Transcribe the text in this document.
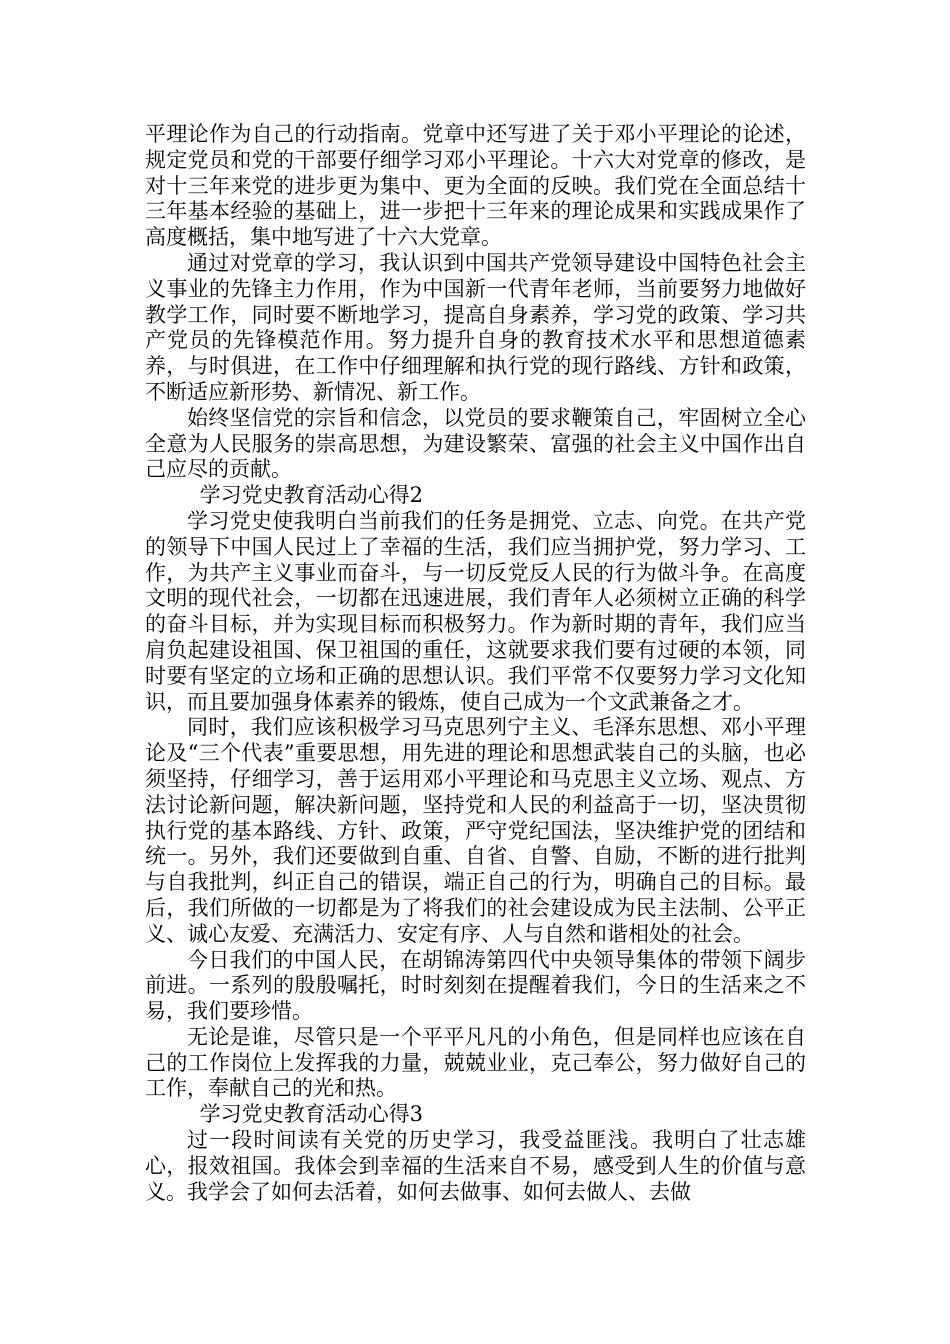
平理论作为自己的行动指南。党章中还写进了关于邓小平理论的论述，规定党员和党的干部要仔细学习邓小平理论。十六大对党章的修改，是对十三年来党的进步更为集中、更为全面的反映。我们党在全面总结十三年基本经验的基础上，进一步把十三年来的理论成果和实践成果作了高度概括，集中地写进了十六大党章。

通过对党章的学习，我认识到中国共产党领导建设中国特色社会主义事业的先锋主力作用，作为中国新一代青年老师，当前要努力地做好教学工作，同时要不断地学习，提高自身素养，学习党的政策、学习共产党员的先锋模范作用。努力提升自身的教育技术水平和思想道德素养，与时俱进，在工作中仔细理解和执行党的现行路线、方针和政策，不断适应新形势、新情况、新工作。

始终坚信党的宗旨和信念，以党员的要求鞭策自己，牢固树立全心全意为人民服务的崇高思想，为建设繁荣、富强的社会主义中国作出自己应尽的贡献。

学习党史教育活动心得2

学习党史使我明白当前我们的任务是拥党、立志、向党。在共产党的领导下中国人民过上了幸福的生活，我们应当拥护党，努力学习、工作，为共产主义事业而奋斗，与一切反党反人民的行为做斗争。在高度文明的现代社会，一切都在迅速进展，我们青年人必须树立正确的科学的奋斗目标，并为实现目标而积极努力。作为新时期的青年，我们应当肩负起建设祖国、保卫祖国的重任，这就要求我们要有过硬的本领，同时要有坚定的立场和正确的思想认识。我们平常不仅要努力学习文化知识，而且要加强身体素养的锻炼，使自己成为一个文武兼备之才。

同时，我们应该积极学习马克思列宁主义、毛泽东思想、邓小平理论及“三个代表”重要思想，用先进的理论和思想武装自己的头脑，也必须坚持，仔细学习，善于运用邓小平理论和马克思主义立场、观点、方法讨论新问题，解决新问题，坚持党和人民的利益高于一切，坚决贯彻执行党的基本路线、方针、政策，严守党纪国法，坚决维护党的团结和统一。另外，我们还要做到自重、自省、自警、自励，不断的进行批判与自我批判，纠正自己的错误，端正自己的行为，明确自己的目标。最后，我们所做的一切都是为了将我们的社会建设成为民主法制、公平正义、诚心友爱、充满活力、安定有序、人与自然和谐相处的社会。

今日我们的中国人民，在胡锦涛第四代中央领导集体的带领下阔步前进。一系列的殷殷嘱托，时时刻刻在提醒着我们，今日的生活来之不易，我们要珍惜。

无论是谁，尽管只是一个平平凡凡的小角色，但是同样也应该在自己的工作岗位上发挥我的力量，兢兢业业，克己奉公，努力做好自己的工作，奉献自己的光和热。

学习党史教育活动心得3

过一段时间读有关党的历史学习，我受益匪浅。我明白了壮志雄心，报效祖国。我体会到幸福的生活来自不易，感受到人生的价值与意义。我学会了如何去活着，如何去做事、如何去做人、去做
